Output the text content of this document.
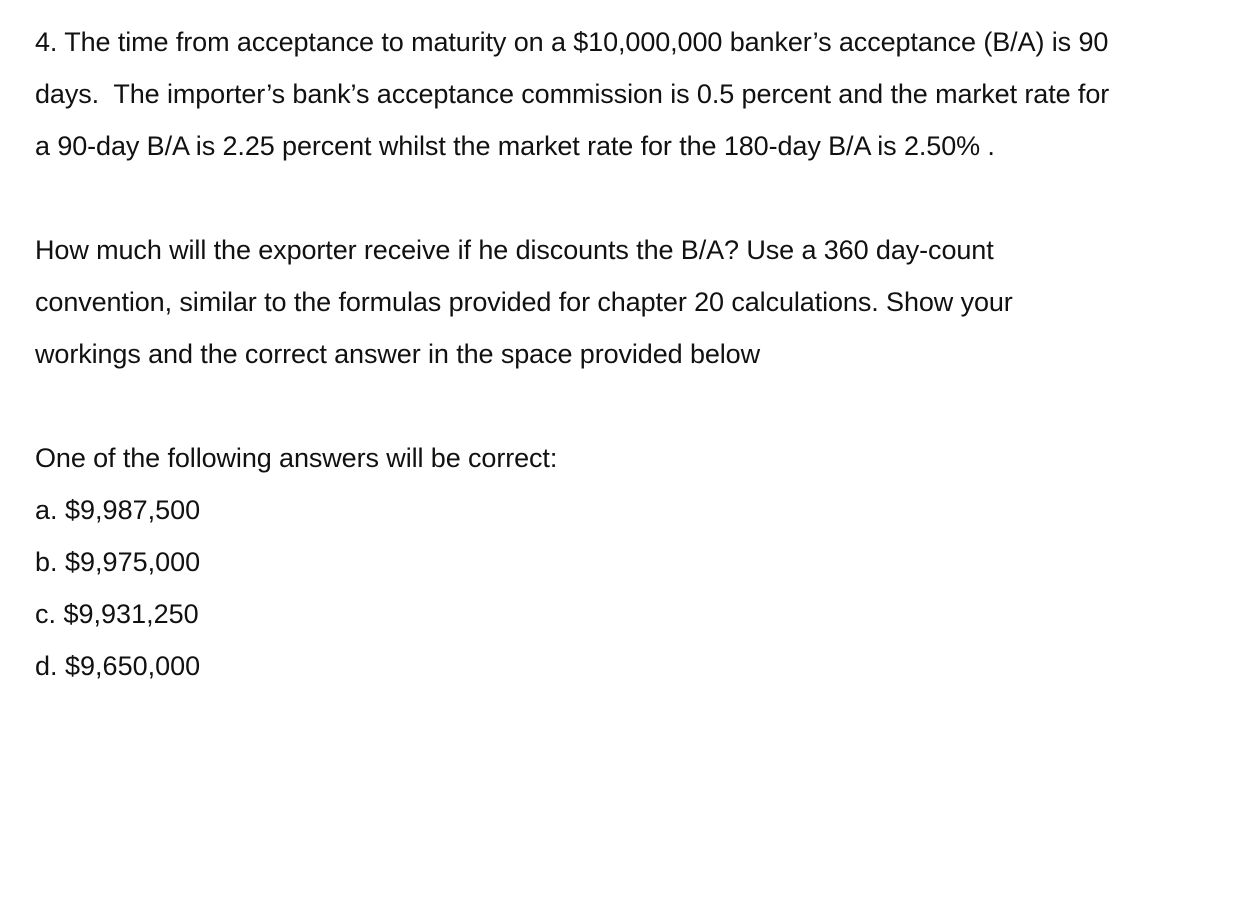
4. The time from acceptance to maturity on a $10,000,000 banker’s acceptance (B/A) is 90
days.  The importer’s bank’s acceptance commission is 0.5 percent and the market rate for
a 90-day B/A is 2.25 percent whilst the market rate for the 180-day B/A is 2.50% .

How much will the exporter receive if he discounts the B/A? Use a 360 day-count
convention, similar to the formulas provided for chapter 20 calculations. Show your
workings and the correct answer in the space provided below

One of the following answers will be correct:

a. $9,987,500
b. $9,975,000
c. $9,931,250
d. $9,650,000
